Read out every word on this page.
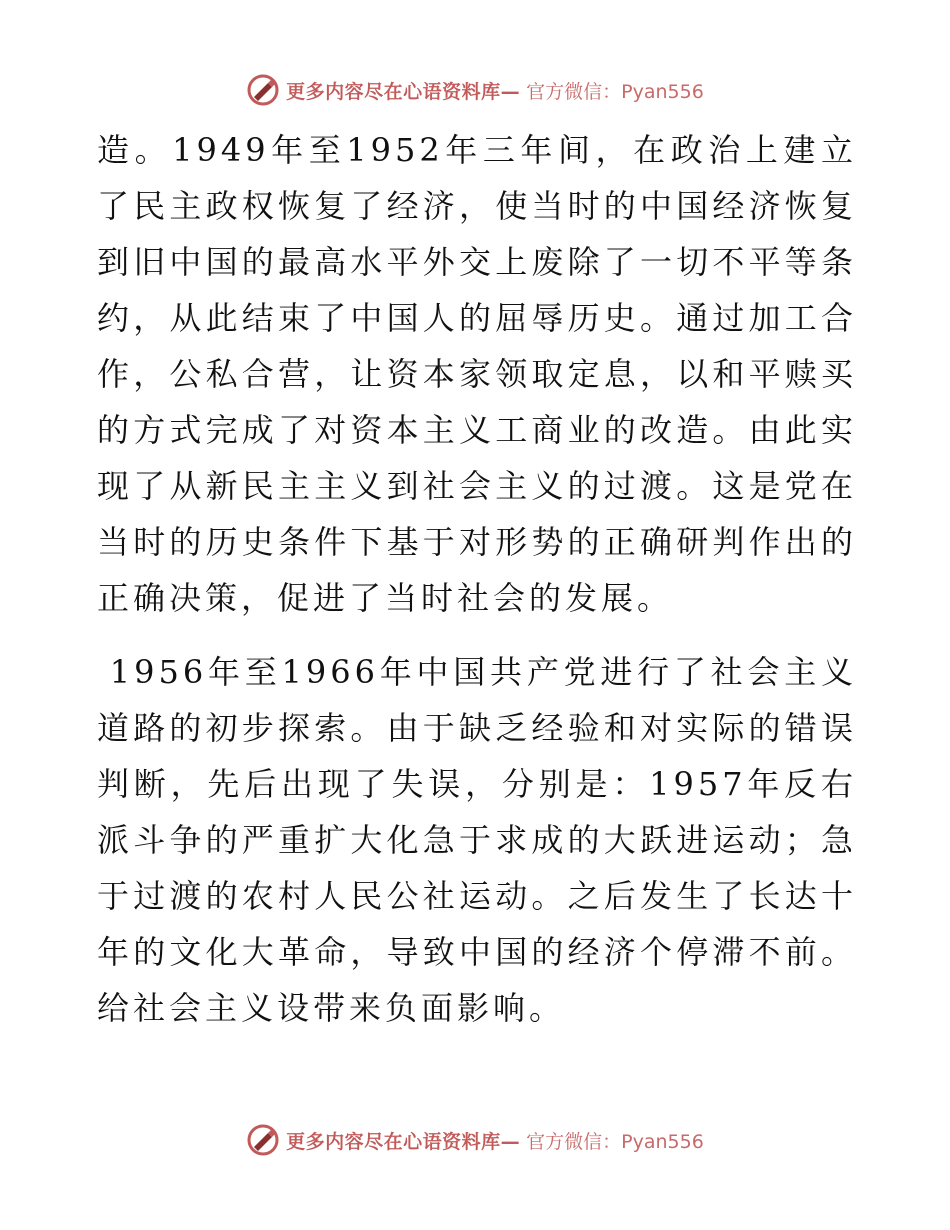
更多内容尽在心语资料库— 官方微信：Pyan556

造。1949年至1952年三年间，在政治上建立了民主政权恢复了经济，使当时的中国经济恢复到旧中国的最高水平外交上废除了一切不平等条约，从此结束了中国人的屈辱历史。通过加工合作，公私合营，让资本家领取定息，以和平赎买的方式完成了对资本主义工商业的改造。由此实现了从新民主主义到社会主义的过渡。这是党在当时的历史条件下基于对形势的正确研判作出的正确决策，促进了当时社会的发展。

1956年至1966年中国共产党进行了社会主义道路的初步探索。由于缺乏经验和对实际的错误判断，先后出现了失误，分别是：1957年反右派斗争的严重扩大化急于求成的大跃进运动；急于过渡的农村人民公社运动。之后发生了长达十年的文化大革命，导致中国的经济个停滞不前。给社会主义设带来负面影响。

更多内容尽在心语资料库— 官方微信：Pyan556
